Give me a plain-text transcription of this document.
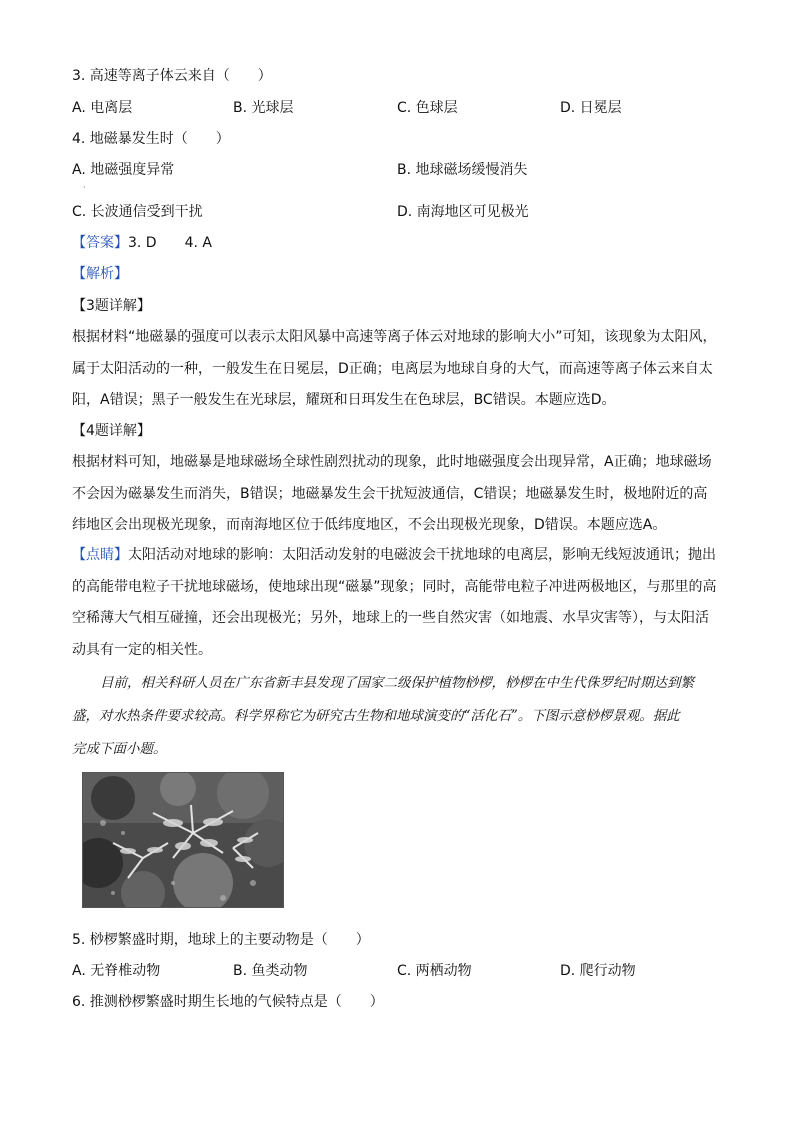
3. 高速等离子体云来自（　　）
A. 电离层	B. 光球层	C. 色球层	D. 日冕层
4. 地磁暴发生时（　　）
A. 地磁强度异常
·
B. 地球磁场缓慢消失
C. 长波通信受到干扰	D. 南海地区可见极光
【答案】3. D　　4. A
【解析】
【3题详解】
根据材料“地磁暴的强度可以表示太阳风暴中高速等离子体云对地球的影响大小”可知，该现象为太阳风，
属于太阳活动的一种，一般发生在日冕层，D正确；电离层为地球自身的大气，而高速等离子体云来自太
阳，A错误；黑子一般发生在光球层，耀斑和日珥发生在色球层，BC错误。本题应选D。
【4题详解】
根据材料可知，地磁暴是地球磁场全球性剧烈扰动的现象，此时地磁强度会出现异常，A正确；地球磁场
不会因为磁暴发生而消失，B错误；地磁暴发生会干扰短波通信，C错误；地磁暴发生时，极地附近的高
纬地区会出现极光现象，而南海地区位于低纬度地区，不会出现极光现象，D错误。本题应选A。
【点睛】太阳活动对地球的影响：太阳活动发射的电磁波会干扰地球的电离层，影响无线短波通讯；抛出
的高能带电粒子干扰地球磁场，使地球出现“磁暴”现象；同时，高能带电粒子冲进两极地区，与那里的高
空稀薄大气相互碰撞，还会出现极光；另外，地球上的一些自然灾害（如地震、水旱灾害等），与太阳活
动具有一定的相关性。
目前，相关科研人员在广东省新丰县发现了国家二级保护植物桫椤，桫椤在中生代侏罗纪时期达到繁
盛，对水热条件要求较高。科学界称它为研究古生物和地球演变的“活化石”。下图示意桫椤景观。据此
完成下面小题。
5. 桫椤繁盛时期，地球上的主要动物是（　　）
A. 无脊椎动物	B. 鱼类动物	C. 两栖动物	D. 爬行动物
6. 推测桫椤繁盛时期生长地的气候特点是（　　）
